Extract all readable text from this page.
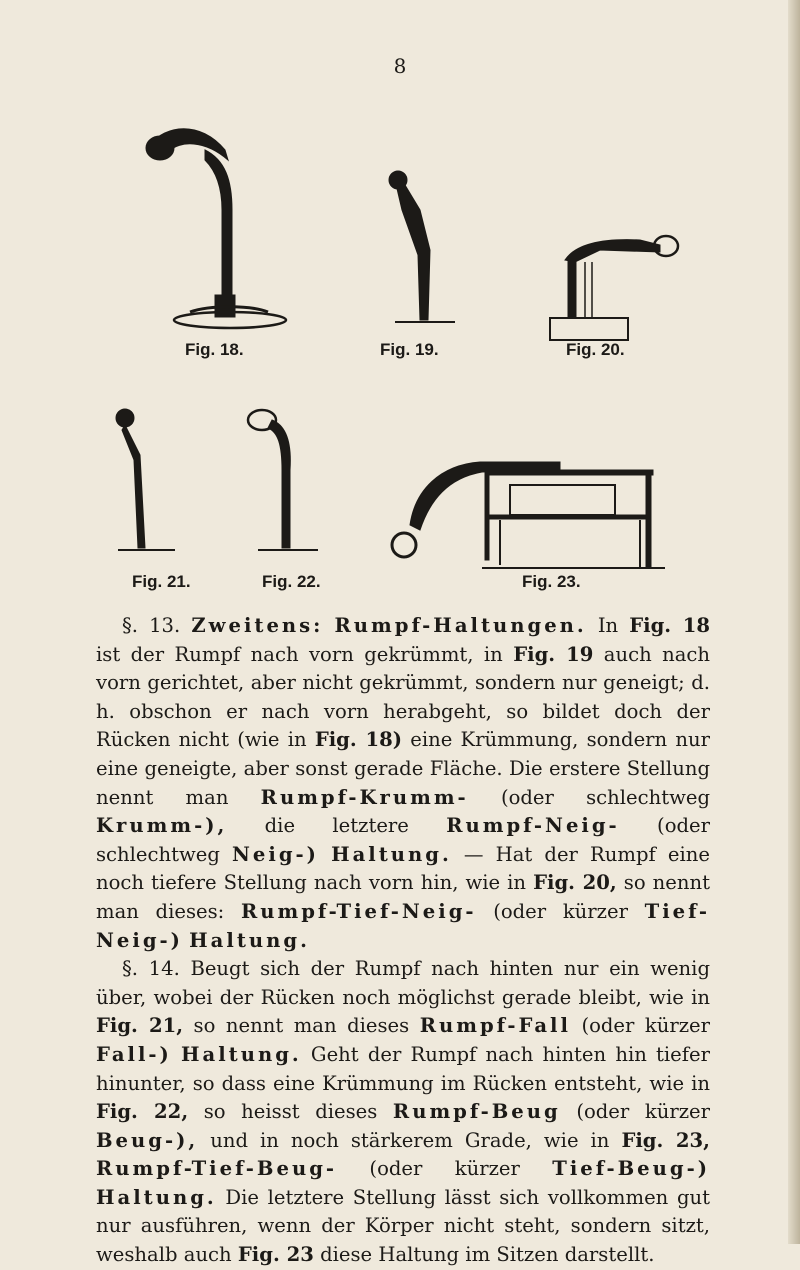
8
Fig. 18.	Fig. 19.	Fig. 20.
Fig. 21.	Fig. 22.	Fig. 23.

§. 13. Zweitens: Rumpf-Haltungen. In Fig. 18 ist der Rumpf nach vorn gekrümmt, in Fig. 19 auch nach vorn gerichtet, aber nicht gekrümmt, sondern nur geneigt; d. h. obschon er nach vorn herabgeht, so bildet doch der Rücken nicht (wie in Fig. 18) eine Krümmung, sondern nur eine geneigte, aber sonst gerade Fläche. Die erstere Stellung nennt man Rumpf-Krumm- (oder schlechtweg Krumm-), die letztere Rumpf-Neig- (oder schlechtweg Neig-) Haltung. — Hat der Rumpf eine noch tiefere Stellung nach vorn hin, wie in Fig. 20, so nennt man dieses: Rumpf-Tief-Neig- (oder kürzer Tief-Neig-) Haltung.

§. 14. Beugt sich der Rumpf nach hinten nur ein wenig über, wobei der Rücken noch möglichst gerade bleibt, wie in Fig. 21, so nennt man dieses Rumpf-Fall (oder kürzer Fall-) Haltung. Geht der Rumpf nach hinten hin tiefer hinunter, so dass eine Krümmung im Rücken entsteht, wie in Fig. 22, so heisst dieses Rumpf-Beug (oder kürzer Beug-), und in noch stärkerem Grade, wie in Fig. 23, Rumpf-Tief-Beug- (oder kürzer Tief-Beug-) Haltung. Die letztere Stellung lässt sich vollkommen gut nur ausführen, wenn der Körper nicht steht, sondern sitzt, weshalb auch Fig. 23 diese Haltung im Sitzen darstellt.
